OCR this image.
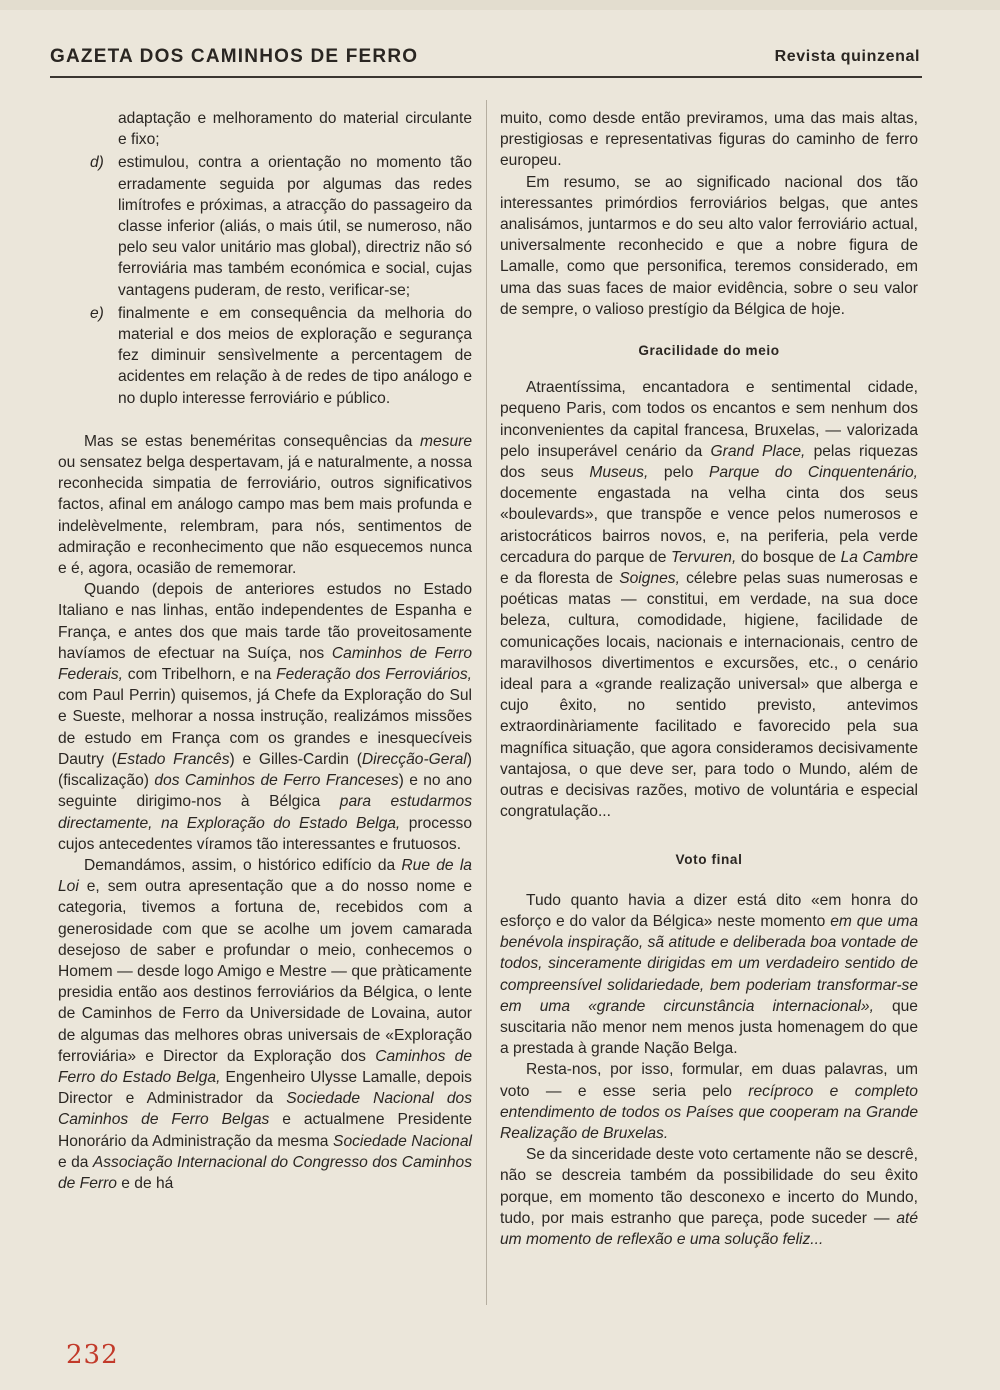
GAZETA DOS CAMINHOS DE FERRO	Revista quinzenal

adaptação e melhoramento do material circulante e fixo;

d) estimulou, contra a orientação no momento tão erradamente seguida por algumas das redes limítrofes e próximas, a atracção do passageiro da classe inferior (aliás, o mais útil, se numeroso, não pelo seu valor unitário mas global), directriz não só ferroviária mas também económica e social, cujas vantagens puderam, de resto, verificar-se;
e) finalmente e em consequência da melhoria do material e dos meios de exploração e segurança fez diminuir sensìvelmente a percentagem de acidentes em relação à de redes de tipo análogo e no duplo interesse ferroviário e público.

Mas se estas beneméritas consequências da mesure ou sensatez belga despertavam, já e naturalmente, a nossa reconhecida simpatia de ferroviário, outros significativos factos, afinal em análogo campo mas bem mais profunda e indelèvelmente, relembram, para nós, sentimentos de admiração e reconhecimento que não esquecemos nunca e é, agora, ocasião de rememorar.

Quando (depois de anteriores estudos no Estado Italiano e nas linhas, então independentes de Espanha e França, e antes dos que mais tarde tão proveitosamente havíamos de efectuar na Suíça, nos Caminhos de Ferro Federais, com Tribelhorn, e na Federação dos Ferroviários, com Paul Perrin) quisemos, já Chefe da Exploração do Sul e Sueste, melhorar a nossa instrução, realizámos missões de estudo em França com os grandes e inesquecíveis Dautry (Estado Francês) e Gilles-Cardin (Direcção-Geral) (fiscalização) dos Caminhos de Ferro Franceses) e no ano seguinte dirigimo-nos à Bélgica para estudarmos directamente, na Exploração do Estado Belga, processo cujos antecedentes víramos tão interessantes e frutuosos.

Demandámos, assim, o histórico edifício da Rue de la Loi e, sem outra apresentação que a do nosso nome e categoria, tivemos a fortuna de, recebidos com a generosidade com que se acolhe um jovem camarada desejoso de saber e profundar o meio, conhecemos o Homem — desde logo Amigo e Mestre — que pràticamente presidia então aos destinos ferroviários da Bélgica, o lente de Caminhos de Ferro da Universidade de Lovaina, autor de algumas das melhores obras universais de «Exploração ferroviária» e Director da Exploração dos Caminhos de Ferro do Estado Belga, Engenheiro Ulysse Lamalle, depois Director e Administrador da Sociedade Nacional dos Caminhos de Ferro Belgas e actualmene Presidente Honorário da Administração da mesma Sociedade Nacional e da Associação Internacional do Congresso dos Caminhos de Ferro e de há

muito, como desde então previramos, uma das mais altas, prestigiosas e representativas figuras do caminho de ferro europeu.

Em resumo, se ao significado nacional dos tão interessantes primórdios ferroviários belgas, que antes analisámos, juntarmos e do seu alto valor ferroviário actual, universalmente reconhecido e que a nobre figura de Lamalle, como que personifica, teremos considerado, em uma das suas faces de maior evidência, sobre o seu valor de sempre, o valioso prestígio da Bélgica de hoje.

Gracilidade do meio

Atraentíssima, encantadora e sentimental cidade, pequeno Paris, com todos os encantos e sem nenhum dos inconvenientes da capital francesa, Bruxelas, — valorizada pelo insuperável cenário da Grand Place, pelas riquezas dos seus Museus, pelo Parque do Cinquentenário, docemente engastada na velha cinta dos seus «boulevards», que transpõe e vence pelos numerosos e aristocráticos bairros novos, e, na periferia, pela verde cercadura do parque de Tervuren, do bosque de La Cambre e da floresta de Soignes, célebre pelas suas numerosas e poéticas matas — constitui, em verdade, na sua doce beleza, cultura, comodidade, higiene, facilidade de comunicações locais, nacionais e internacionais, centro de maravilhosos divertimentos e excursões, etc., o cenário ideal para a «grande realização universal» que alberga e cujo êxito, no sentido previsto, antevimos extraordinàriamente facilitado e favorecido pela sua magnífica situação, que agora consideramos decisivamente vantajosa, o que deve ser, para todo o Mundo, além de outras e decisivas razões, motivo de voluntária e especial congratulação...

Voto final

Tudo quanto havia a dizer está dito «em honra do esforço e do valor da Bélgica» neste momento em que uma benévola inspiração, sã atitude e deliberada boa vontade de todos, sinceramente dirigidas em um verdadeiro sentido de compreensível solidariedade, bem poderiam transformar-se em uma «grande circunstância internacional», que suscitaria não menor nem menos justa homenagem do que a prestada à grande Nação Belga.

Resta-nos, por isso, formular, em duas palavras, um voto — e esse seria pelo recíproco e completo entendimento de todos os Países que cooperam na Grande Realização de Bruxelas.

Se da sinceridade deste voto certamente não se descrê, não se descreia também da possibilidade do seu êxito porque, em momento tão desconexo e incerto do Mundo, tudo, por mais estranho que pareça, pode suceder — até um momento de reflexão e uma solução feliz...

232
